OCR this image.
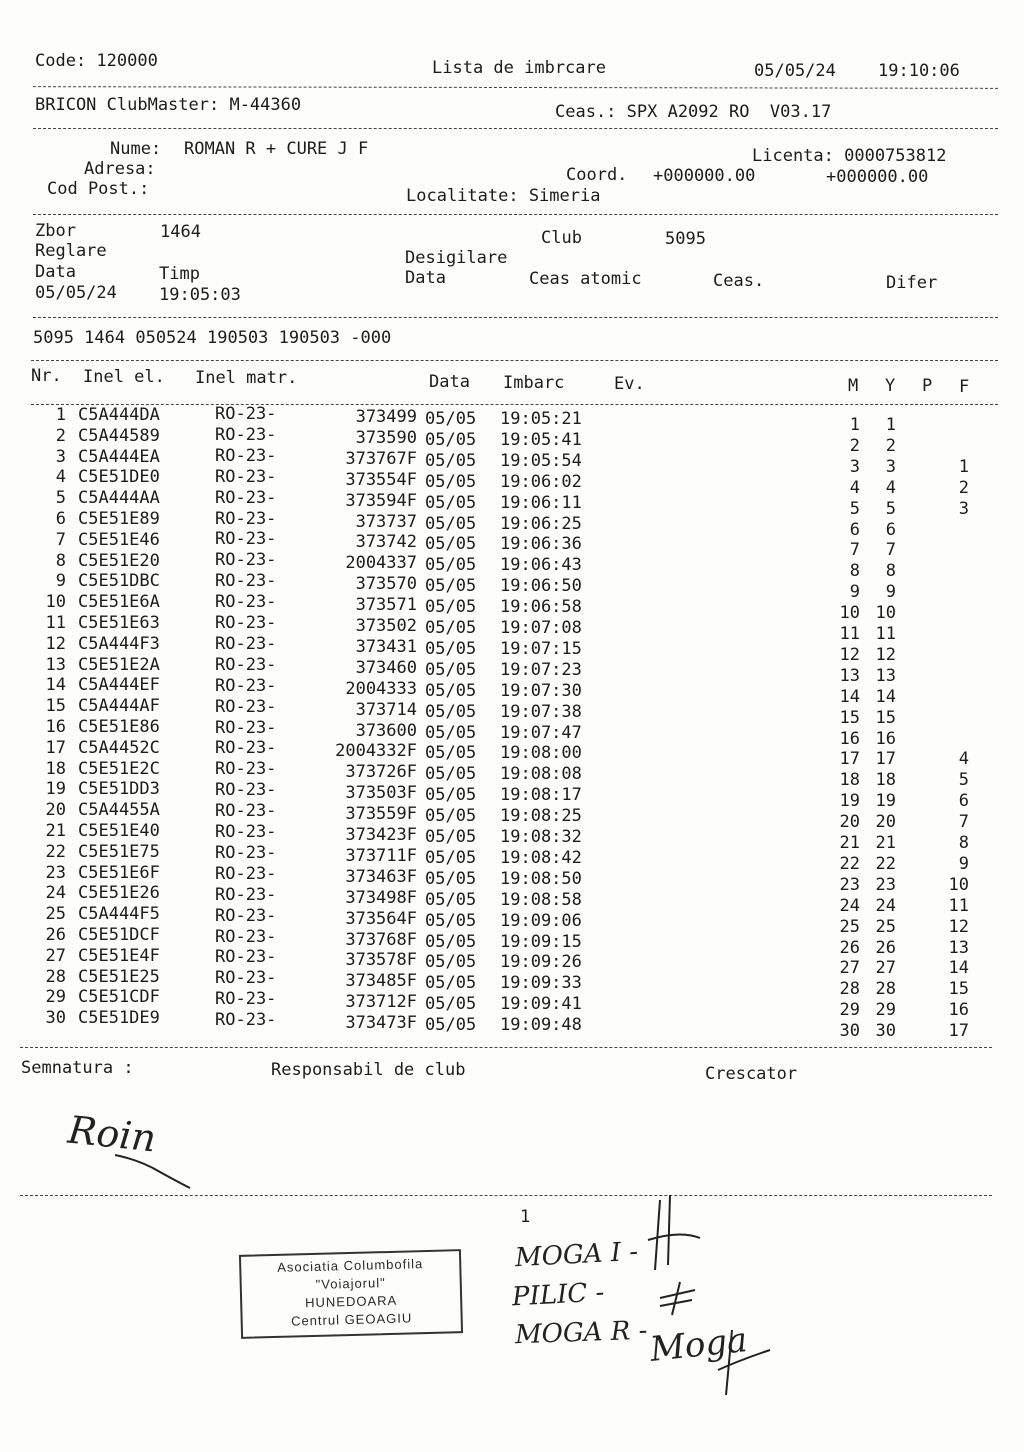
Code: 120000	Lista de imbrcare	05/05/24 19:10:06
BRICON ClubMaster: M-44360	Ceas.: SPX A2092 RO  V03.17
Nume: ROMAN R + CURE J F	Licenta: 0000753812
Adresa:	Coord. +000000.00	+000000.00
Cod Post.:	Localitate: Simeria
Zbor	1464	Club	5095
Reglare	Desigilare
Data	Timp	Data	Ceas atomic	Ceas.	Difer
05/05/24 19:05:03
5095 1464 050524 190503 190503 -000
Nr. Inel el. Inel matr.	Data Imbarc	Ev.	M Y P F
1 C5A444DA	RO-23-	373499 05/05 19:05:21	1	1
2 C5A44589	RO-23-	373590 05/05 19:05:41	2	2
3 C5A444EA	RO-23-	373767F 05/05 19:05:54	3	3	1
4 C5E51DE0	RO-23-	373554F 05/05 19:06:02	4	4	2
5 C5A444AA	RO-23-	373594F 05/05 19:06:11	5	5	3
6 C5E51E89	RO-23-	373737 05/05 19:06:25	6	6
7 C5E51E46	RO-23-	373742 05/05 19:06:36	7	7
8 C5E51E20	RO-23-	2004337 05/05 19:06:43	8	8
9 C5E51DBC	RO-23-	373570 05/05 19:06:50	9	9
10 C5E51E6A	RO-23-	373571 05/05 19:06:58	10 10
11 C5E51E63	RO-23-	373502 05/05 19:07:08	11 11
12 C5A444F3	RO-23-	373431 05/05 19:07:15	12 12
13 C5E51E2A	RO-23-	373460 05/05 19:07:23	13 13
14 C5A444EF	RO-23-	2004333 05/05 19:07:30	14 14
15 C5A444AF	RO-23-	373714 05/05 19:07:38	15 15
16 C5E51E86	RO-23-	373600 05/05 19:07:47	16 16
17 C5A4452C	RO-23-	2004332F 05/05 19:08:00	17 17	4
18 C5E51E2C	RO-23-	373726F 05/05 19:08:08	18 18	5
19 C5E51DD3	RO-23-	373503F 05/05 19:08:17	19 19	6
20 C5A4455A	RO-23-	373559F 05/05 19:08:25	20 20	7
21 C5E51E40	RO-23-	373423F 05/05 19:08:32	21 21	8
22 C5E51E75	RO-23-	373711F 05/05 19:08:42	22 22	9
23 C5E51E6F	RO-23-	373463F 05/05 19:08:50	23 23	10
24 C5E51E26	RO-23-	373498F 05/05 19:08:58	24 24	11
25 C5A444F5	RO-23-	373564F 05/05 19:09:06	25 25	12
26 C5E51DCF	RO-23-	373768F 05/05 19:09:15	26 26	13
27 C5E51E4F	RO-23-	373578F 05/05 19:09:26	27 27	14
28 C5E51E25	RO-23-	373485F 05/05 19:09:33	28 28	15
29 C5E51CDF	RO-23-	373712F 05/05 19:09:41	29 29	16
30 C5E51DE9	RO-23-	373473F 05/05 19:09:48	30 30	17
Semnatura :	Responsabil de club	Crescator
Roin
1
Asociatia Columbofila
"Voiajorul"
HUNEDOARA
Centrul GEOAGIU
MOGA I -
PILIC -
MOGA R - Moga
